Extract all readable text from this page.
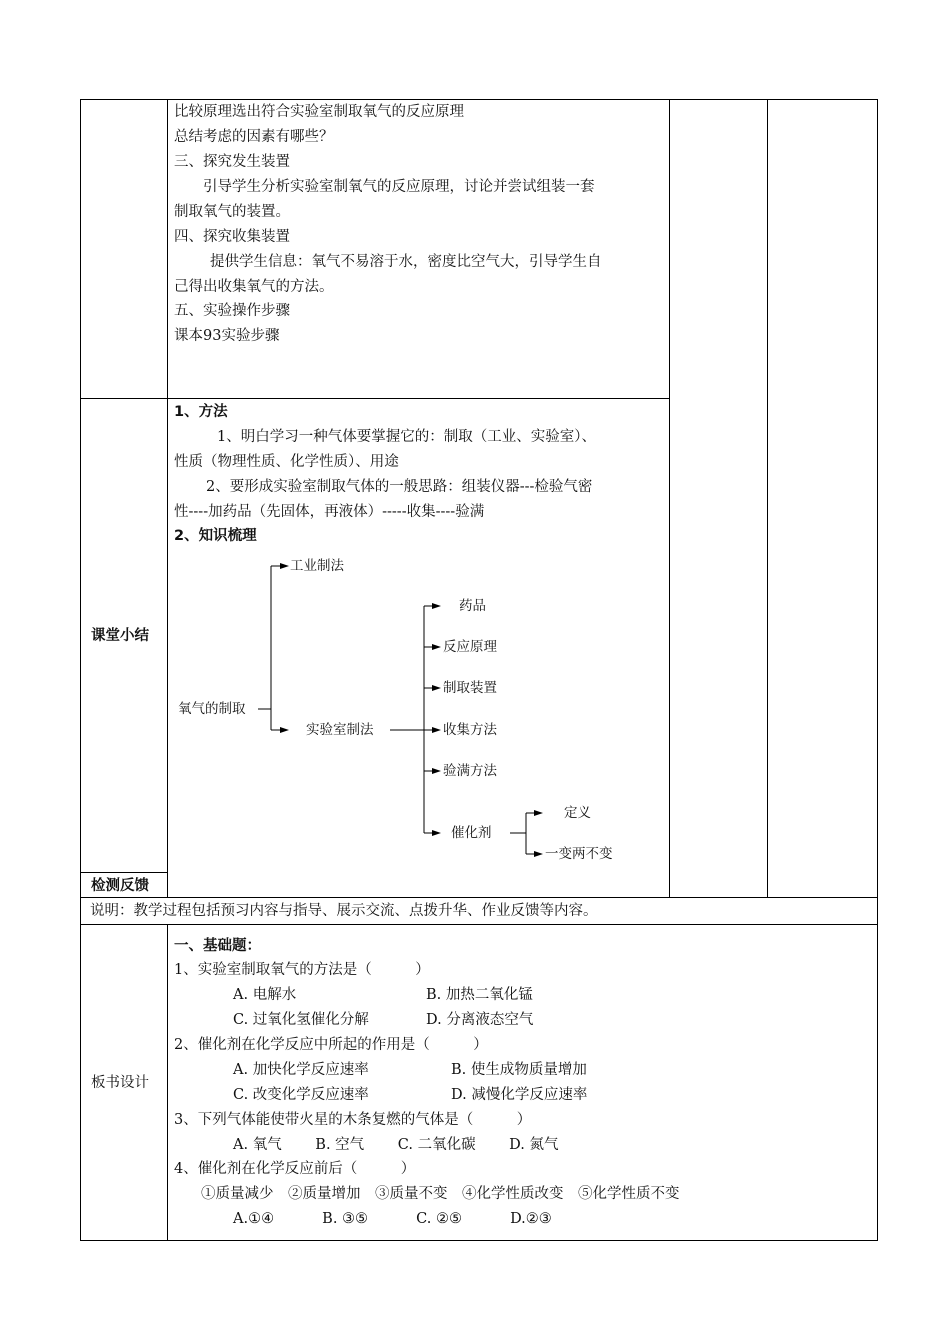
比较原理选出符合实验室制取氧气的反应原理
总结考虑的因素有哪些？
三、探究发生装置
引导学生分析实验室制氧气的反应原理，讨论并尝试组装一套
制取氧气的装置。
四、探究收集装置
提供学生信息：氧气不易溶于水，密度比空气大，引导学生自
己得出收集氧气的方法。
五、实验操作步骤
课本93实验步骤
课堂小结
1、方法
1、明白学习一种气体要掌握它的：制取（工业、实验室）、
性质（物理性质、化学性质）、用途
2、要形成实验室制取气体的一般思路：组装仪器---检验气密
性----加药品（先固体，再液体）-----收集----验满
2、知识梳理
氧气的制取
工业制法
实验室制法
药品
反应原理
制取装置
收集方法
验满方法
催化剂
定义
一变两不变
检测反馈
说明：教学过程包括预习内容与指导、展示交流、点拨升华、作业反馈等内容。
板书设计
一、基础题：
1、实验室制取氧气的方法是（　　　）
A. 电解水	B. 加热二氧化锰
C. 过氧化氢催化分解	D. 分离液态空气
2、催化剂在化学反应中所起的作用是（　　　）
A. 加快化学反应速率	B. 使生成物质量增加
C. 改变化学反应速率	D. 减慢化学反应速率
3、下列气体能使带火星的木条复燃的气体是（　　　）
A. 氧气　　 B. 空气　　 C. 二氧化碳　　 D. 氮气
4、催化剂在化学反应前后（　　　）
①质量减少　②质量增加　③质量不变　④化学性质改变　⑤化学性质不变
A.①④　　　 B. ③⑤　　　 C. ②⑤　　　 D.②③
